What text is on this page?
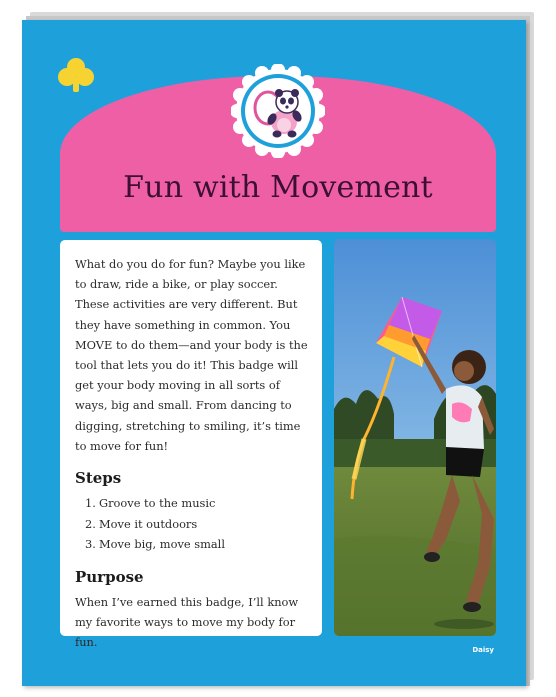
Fun with Movement

What do you do for fun? Maybe you like to draw, ride a bike, or play soccer. These activities are very different. But they have something in common. You MOVE to do them—and your body is the tool that lets you do it! This badge will get your body moving in all sorts of ways, big and small. From dancing to digging, stretching to smiling, it’s time to move for fun!

Steps
1. Groove to the music
2. Move it outdoors
3. Move big, move small
Purpose

When I’ve earned this badge, I’ll know my favorite ways to move my body for fun.

Daisy
